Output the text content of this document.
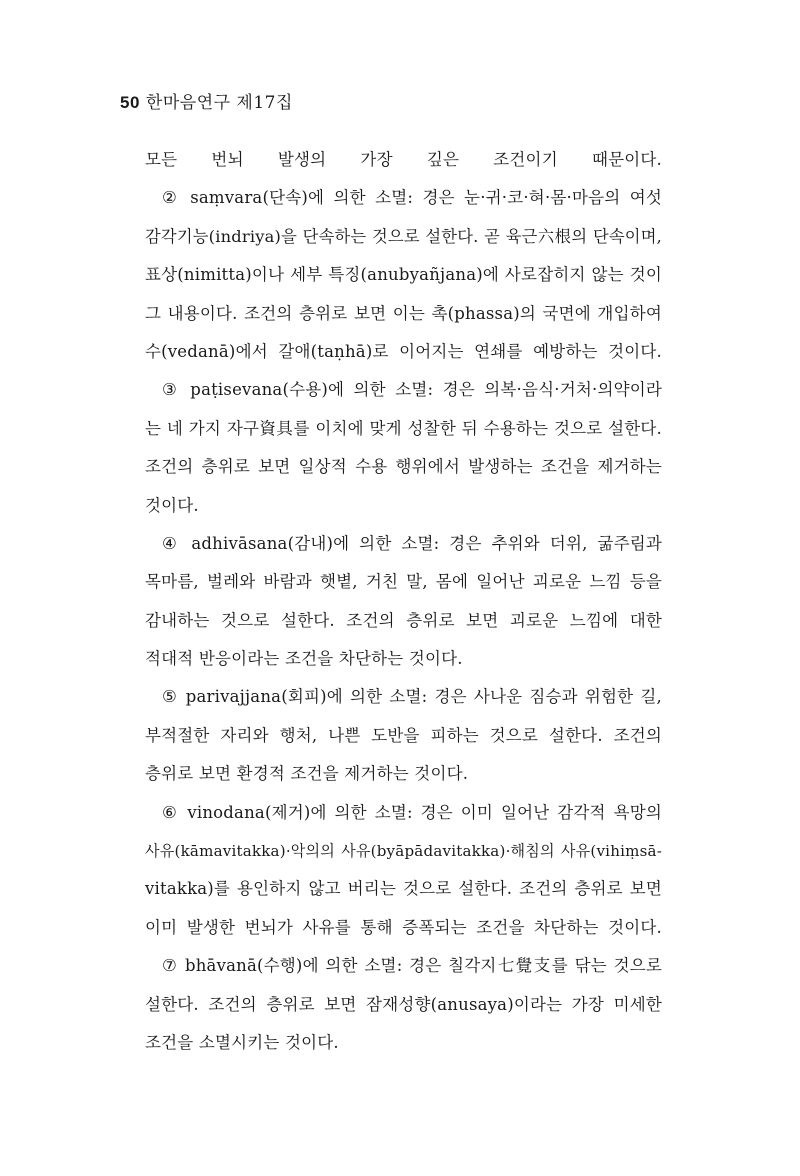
50 한마음연구 제17집
모든 번뇌 발생의 가장 깊은 조건이기 때문이다.
② saṃvara(단속)에 의한 소멸: 경은 눈·귀·코·혀·몸·마음의 여섯
감각기능(indriya)을 단속하는 것으로 설한다. 곧 육근六根의 단속이며,
표상(nimitta)이나 세부 특징(anubyañjana)에 사로잡히지 않는 것이
그 내용이다. 조건의 층위로 보면 이는 촉(phassa)의 국면에 개입하여
수(vedanā)에서 갈애(taṇhā)로 이어지는 연쇄를 예방하는 것이다.
③ paṭisevana(수용)에 의한 소멸: 경은 의복·음식·거처·의약이라
는 네 가지 자구資具를 이치에 맞게 성찰한 뒤 수용하는 것으로 설한다.
조건의 층위로 보면 일상적 수용 행위에서 발생하는 조건을 제거하는
것이다.
④ adhivāsana(감내)에 의한 소멸: 경은 추위와 더위, 굶주림과
목마름, 벌레와 바람과 햇볕, 거친 말, 몸에 일어난 괴로운 느낌 등을
감내하는 것으로 설한다. 조건의 층위로 보면 괴로운 느낌에 대한
적대적 반응이라는 조건을 차단하는 것이다.
⑤ parivajjana(회피)에 의한 소멸: 경은 사나운 짐승과 위험한 길,
부적절한 자리와 행처, 나쁜 도반을 피하는 것으로 설한다. 조건의
층위로 보면 환경적 조건을 제거하는 것이다.
⑥ vinodana(제거)에 의한 소멸: 경은 이미 일어난 감각적 욕망의
사유(kāmavitakka)·악의의 사유(byāpādavitakka)·해침의 사유(vihiṃsā-
vitakka)를 용인하지 않고 버리는 것으로 설한다. 조건의 층위로 보면
이미 발생한 번뇌가 사유를 통해 증폭되는 조건을 차단하는 것이다.
⑦ bhāvanā(수행)에 의한 소멸: 경은 칠각지七覺支를 닦는 것으로
설한다. 조건의 층위로 보면 잠재성향(anusaya)이라는 가장 미세한
조건을 소멸시키는 것이다.
